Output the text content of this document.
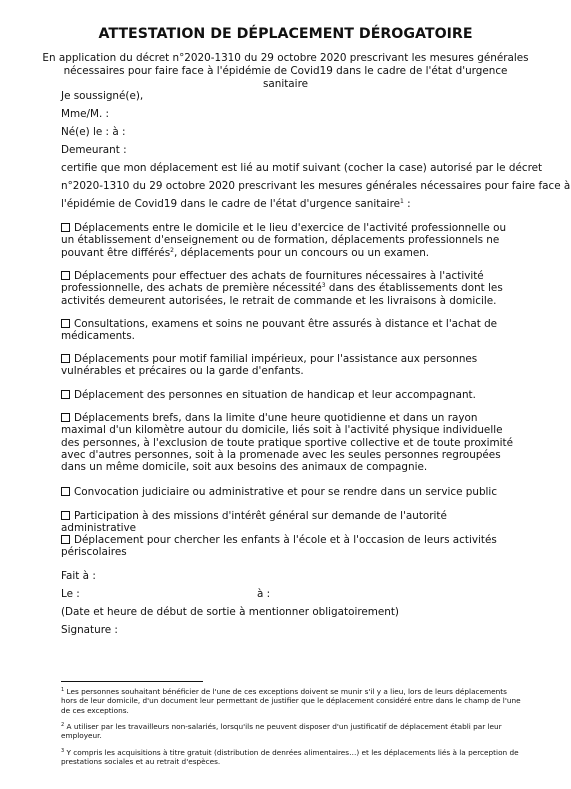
ATTESTATION DE DÉPLACEMENT DÉROGATOIRE

En application du décret n°2020-1310 du 29 octobre 2020 prescrivant les mesures générales nécessaires pour faire face à l'épidémie de Covid19 dans le cadre de l'état d'urgence sanitaire

Je soussigné(e),

Mme/M. :

Né(e) le : à :

Demeurant :

certifie que mon déplacement est lié au motif suivant (cocher la case) autorisé par le décret

n°2020-1310 du 29 octobre 2020 prescrivant les mesures générales nécessaires pour faire face à

l'épidémie de Covid19 dans le cadre de l'état d'urgence sanitaire$^1$ :

Déplacements entre le domicile et le lieu d'exercice de l'activité professionnelle ou un établissement d'enseignement ou de formation, déplacements professionnels ne pouvant être différés$^2$, déplacements pour un concours ou un examen.

Déplacements pour effectuer des achats de fournitures nécessaires à l'activité professionnelle, des achats de première nécessité$^3$ dans des établissements dont les activités demeurent autorisées, le retrait de commande et les livraisons à domicile.

Consultations, examens et soins ne pouvant être assurés à distance et l'achat de médicaments.

Déplacements pour motif familial impérieux, pour l'assistance aux personnes vulnérables et précaires ou la garde d'enfants.

Déplacement des personnes en situation de handicap et leur accompagnant.

Déplacements brefs, dans la limite d'une heure quotidienne et dans un rayon maximal d'un kilomètre autour du domicile, liés soit à l'activité physique individuelle des personnes, à l'exclusion de toute pratique sportive collective et de toute proximité avec d'autres personnes, soit à la promenade avec les seules personnes regroupées dans un même domicile, soit aux besoins des animaux de compagnie.

Convocation judiciaire ou administrative et pour se rendre dans un service public

Participation à des missions d'intérêt général sur demande de l'autorité administrative

Déplacement pour chercher les enfants à l'école et à l'occasion de leurs activités périscolaires

Fait à :

Le :	à :

(Date et heure de début de sortie à mentionner obligatoirement)

Signature :

$^1$ Les personnes souhaitant bénéficier de l'une de ces exceptions doivent se munir s'il y a lieu, lors de leurs déplacements hors de leur domicile, d'un document leur permettant de justifier que le déplacement considéré entre dans le champ de l'une de ces exceptions.

$^2$ A utiliser par les travailleurs non-salariés, lorsqu'ils ne peuvent disposer d'un justificatif de déplacement établi par leur employeur.

$^3$ Y compris les acquisitions à titre gratuit (distribution de denrées alimentaires…) et les déplacements liés à la perception de prestations sociales et au retrait d'espèces.
